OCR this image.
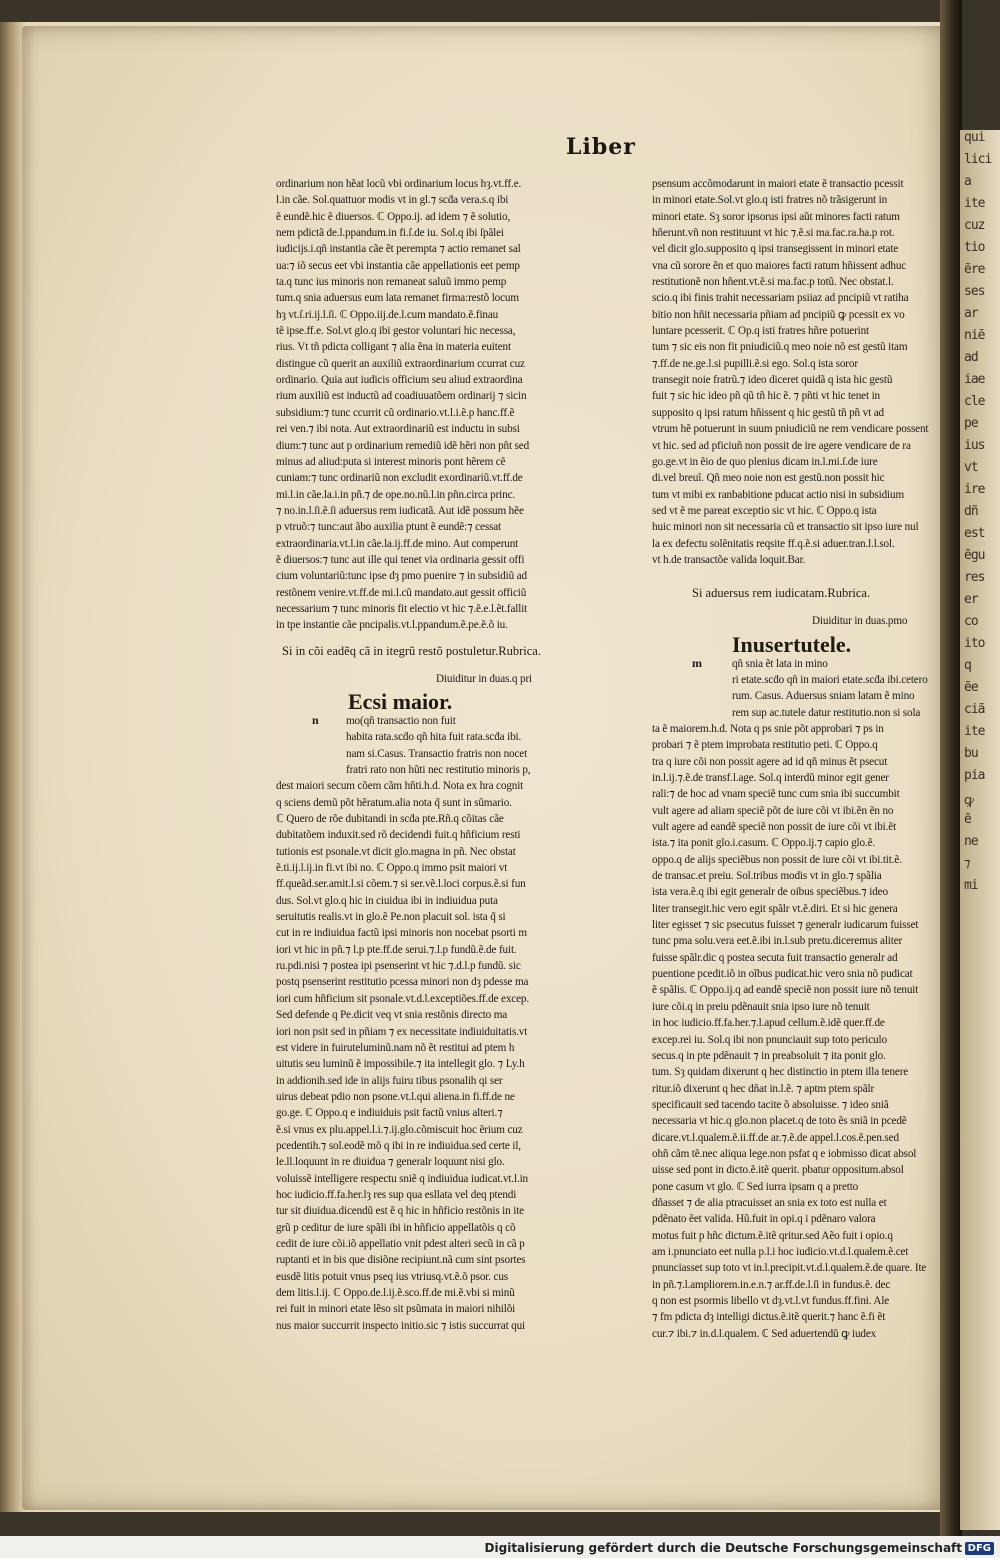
qui
lici
a
ite
cuz
tio
ẽre
ses
ar
niẽ
ad
iae
cle
pe
ius
vt
ire
dñ
est
ẽgu
res
er
co
ito
q
ẽe
ciã
ite
bu
pia
ꝙ
ẽ
ne
⁊
mi
Liber
ordinarium non hẽat locũ vbi ordinarium locus hȝ.vt.ff.e.
l.in cãe. Sol.quattuor modis vt in gl.⁊ scḋa vera.s.q ibi
ẽ eundẽ.hic ẽ diuersos. ℂ Oppo.ij. ad idem ⁊ ẽ solutio,
nem pdictã de.l.ppandum.in fi.ſ.de iu. Sol.q ibi ſpãlei
iudicijs.i.qñ instantia cãe ẽt perempta ⁊ actio remanet sal
ua:⁊ iõ secus eet vbi instantia cãe appellationis eet pemp
ta.q tunc ius minoris non remaneat saluũ immo pemp
tum.q snia aduersus eum lata remanet firma:restõ locum
hȝ vt.ſ.ri.ij.l.ſi. ℂ Oppo.iij.de.l.cum mandato.ẽ.finau
tẽ ipse.ff.e. Sol.vt glo.q ibi gestor voluntari hic necessa,
rius. Vt tñ pdicta colligant ⁊ alia ẽna in materia euitent
distingue cũ querit an auxiliũ extraordinarium ccurrat cuz
ordinario. Quia aut iudicis officium seu aliud extraordina
rium auxiliũ est inductũ ad coadiuuatõem ordinarij ⁊ sicin
subsidium:⁊ tunc ccurrit cũ ordinario.vt.l.i.ẽ.p hanc.ff.ẽ
rei ven.⁊ ibi nota. Aut extraordinariũ est inductu in subsi
dium:⁊ tunc aut p ordinarium remediũ idẽ hẽri non pñt sed
minus ad aliud:puta si interest minoris pont hẽrem cẽ
cuniam:⁊ tunc ordinariũ non excludit exordinariũ.vt.ff.de
mi.l.in cãe.la.i.in pñ.⁊ de ope.no.nũ.l.in pñn.circa princ.
⁊ no.in.l.ſi.ẽ.ſi aduersus rem iudicatã. Aut idẽ possum hẽe
p vtruõ:⁊ tunc:aut ãbo auxilia ptunt ẽ eundẽ:⁊ cessat
extraordinaria.vt.l.in cãe.la.ij.ff.de mino. Aut comperunt
ẽ diuersos:⁊ tunc aut ille qui tenet via ordinaria gessit offi
cium voluntariũ:tunc ipse dȝ pmo puenire ⁊ in subsidiũ ad
restõnem venire.vt.ff.de mi.l.cũ mandato.aut gessit officiũ
necessarium ⁊ tunc minoris fit electio vt hic ⁊.ẽ.e.l.ẽt.fallit
in tpe instantie cãe pncipalis.vt.l.ppandum.ẽ.pe.ẽ.õ iu.
Si in cõi eadẽq cã in itegrũ restõ postuletur.Rubrica.
Diuiditur in duas.q pri
Ecsi maior.
n	mo(qñ transactio non fuit
habita rata.scḋo qñ hita fuit rata.scḋa ibi.
nam si.Casus. Transactio fratris non nocet
fratri rato non hũti nec restitutio minoris p,
dest maiori secum cõem cãm hñti.h.d. Nota ex hra cognit
q sciens demũ põt hẽratum.alia nota q̃ sunt in sũmario.
ℂ Quero de rõe dubitandi in scḋa pte.Rñ.q cõitas cãe
dubitatõem induxit.sed rõ decidendi fuit.q hñficium resti
tutionis est psonale.vt dicit glo.magna in pñ. Nec obstat
ẽ.ti.ij.l.ij.in fi.vt ibi no. ℂ Oppo.q immo psit maiori vt
ff.queãd.ser.amit.l.si cõem.⁊ si ser.vẽ.l.loci corpus.ẽ.si fun
dus. Sol.vt glo.q hic in ciuidua ibi in indiuidua puta
seruitutis realis.vt in glo.ẽ Pe.non placuit sol. ista q̃ si
cut in re indiuidua factũ ipsi minoris non nocebat psorti m
iori vt hic in pñ.⁊ l.p pte.ff.de serui.⁊.l.p fundũ.ẽ.de fuit.
ru.pdi.nisi ⁊ postea ipi psenserint vt hic ⁊.d.l.p fundũ. sic
postq psenserint restitutio pcessa minori non dȝ pdesse ma
iori cum hñficium sit psonale.vt.d.l.exceptiões.ff.de excep.
Sed defende q Pe.dicit veq vt snia restõnis directo ma
iori non psit sed in pñiam ⁊ ex necessitate indiuiduitatis.vt
est videre in fuiruteluminũ.nam nõ ẽt restitui ad ptem h
uitutis seu luminũ ẽ impossibile.⁊ ita intellegit glo. ⁊ Ly.h
in addionih.sed ide in alijs fuiru tibus psonalih qi ser
uirus debeat pdio non psone.vt.l.qui aliena.in fi.ff.de ne
go.ge. ℂ Oppo.q e indiuiduis psit factũ vnius alteri.⁊
ẽ.si vnus ex plu.appel.l.i.⁊.ij.glo.cõmiscuit hoc ẽrium cuz
pcedentih.⁊ sol.eodẽ mõ q ibi in re indiuidua.sed certe il,
le.ll.loquunt in re diuidua ⁊ generalr loquunt nisi glo.
voluissẽ intelligere respectu sniẽ q indiuidua iudicat.vt.l.in
hoc iudicio.ff.fa.her.lȝ res sup qua esllata vel deq ptendi
tur sit diuidua.dicendũ est ẽ q hic in hñficio restõnis in ite
grũ p ceditur de iure spãli ibi in hñficio appellatõis q cõ
cedit de iure cõi.iõ appellatio vnit pdest alteri secũ in cã p
ruptanti et in bis que disiõne recipiunt.nã cum sint psortes
eusdẽ litis potuit vnus pseq ius vtriusq.vt.ẽ.õ psor. cus
dem litis.l.ij. ℂ Oppo.de.l.ij.ẽ.sco.ff.de mi.ẽ.vbi si minũ
rei fuit in minori etate lẽso sit psũmata in maiori nihilõi
nus maior succurrit inspecto initio.sic ⁊ istis succurrat qui
psensum accõmodarunt in maiori etate ẽ transactio pcessit
in minori etate.Sol.vt glo.q isti fratres nõ trãsigerunt in
minori etate. Sȝ soror ipsorus ipsi aũt minores facti ratum
hñerunt.vñ non restituunt vt hic ⁊.ẽ.si ma.fac.ra.ha.p rot.
vel dicit glo.supposito q ipsi transegissent in minori etate
vna cũ sorore ẽn et quo maiores facti ratum hñissent adhuc
restitutionẽ non hñent.vt.ẽ.si ma.fac.p totũ. Nec obstat.l.
scio.q ibi finis trahit necessariam psiiaz ad pncipiũ vt ratiha
bitio non hñit necessaria pñiam ad pncipiũ ꝙ pcessit ex vo
luntare pcesserit. ℂ Op.q isti fratres hñre potuerint
tum ⁊ sic eis non fit pniudiciũ.q meo noie nõ est gestũ itam
⁊.ff.de ne.ge.l.si pupilli.ẽ.si ego. Sol.q ista soror
transegit noie fratrũ.⁊ ideo diceret quidã q ista hic gestũ
fuit ⁊ sic hic ideo pñ qũ tñ hic ẽ. ⁊ pñti vt hic tenet in
supposito q ipsi ratum hñissent q hic gestũ tñ pñ vt ad
vtrum hẽ potuerunt in suum pniudiciũ ne rem vendicare possent
vt hic. sed ad pficiuñ non possit de ire agere vendicare de ra
go.ge.vt in ẽio de quo plenius dicam in.l.mi.ſ.de iure
di.vel breuĩ. Qñ meo noie non est gestũ.non possit hic
tum vt mibi ex ranbabitione pducat actio nisi in subsidium
sed vt ẽ me pareat exceptio sic vt hic. ℂ Oppo.q ista
huic minori non sit necessaria cũ et transactio sit ipso iure nul
la ex defectu solẽnitatis reqsite ff.q.ẽ.si aduer.tran.l.l.sol.
vt h.de transactõe valida loquit.Bar.
Si aduersus rem iudicatam.Rubrica.
Diuiditur in duas.pmo
Inusertutele.
m	qñ snia ẽt lata in mino
ri etate.scḋo qñ in maiori etate.scḋa ibi.cetero
rum. Casus. Aduersus sniam latam ẽ mino
rem sup ac.tutele datur restitutio.non si sola
ta ẽ maiorem.h.d. Nota q ps snie põt approbari ⁊ ps in
probari ⁊ ẽ ptem improbata restitutio peti. ℂ Oppo.q
tra q iure cõi non possit agere ad id qñ minus ẽt psecut
in.l.ij.⁊.ẽ.de transf.l.age. Sol.q interdũ minor egit gener
rali:⁊ de hoc ad vnam speciẽ tunc cum snia ibi succumbit
vult agere ad aliam speciẽ põt de iure cõi vt ibi.ẽn ẽn no
vult agere ad eandẽ speciẽ non possit de iure cõi vt ibi.ẽt
ista.⁊ ita ponit glo.i.casum. ℂ Oppo.ij.⁊ capio glo.ẽ.
oppo.q de alijs speciẽbus non possit de iure cõi vt ibi.tit.ẽ.
de transac.et preiu. Sol.tribus modis vt in glo.⁊ spãlia
ista vera.ẽ.q ibi egit generalr de oibus speciẽbus.⁊ ideo
liter transegit.hic vero egit spãlr vt.ẽ.diri. Et si hic genera
liter egisset ⁊ sic psecutus fuisset ⁊ generalr iudicarum fuisset
tunc pma solu.vera eet.ẽ.ibi in.l.sub pretu.diceremus aliter
fuisse spãlr.dic q postea secuta fuit transactio generalr ad
puentione pcedit.iõ in oĩbus pudicat.hic vero snia nõ pudicat
ẽ spãlis. ℂ Oppo.ij.q ad eandẽ speciẽ non possit iure nõ tenuit
iure cõi.q in preiu pdẽnauit snia ipso iure nõ tenuit
in hoc iudicio.ff.fa.her.⁊.l.apud cellum.ẽ.idẽ quer.ff.de
excep.rei iu. Sol.q ibi non pnunciauit sup toto periculo
secus.q in pte pdẽnauit ⁊ in preabsoluit ⁊ ita ponit glo.
tum. Sȝ quidam dixerunt q hec distinctio in ptem illa tenere
ritur.iõ dixerunt q hec dñat in.l.ẽ. ⁊ aptm ptem spãlr
specificauit sed tacendo tacite õ absoluisse. ⁊ ideo sniã
necessaria vt hic.q glo.non placet.q de toto ẽs sniã in pcedẽ
dicare.vt.l.qualem.ẽ.ii.ff.de ar.⁊.ẽ.de appel.l.cos.ẽ.pen.sed
ohñ cãm tẽ.nec aliqua lege.non psfat q e iobmisso dicat absol
uisse sed pont in dicto.ẽ.itẽ querit. pbatur oppositum.absol
pone casum vt glo. ℂ Sed iurra ipsam q a pretto
dñasset ⁊ de alia ptracuisset an snia ex toto est nulla et
pdẽnato ẽet valida. Hũ.fuit in opi.q i pdẽnaro valora
motus fuit p hñc dictum.ẽ.itẽ qritur.sed Aẽo fuit i opio.q
am i.pnunciato eet nulla p.l.i hoc iudicio.vt.d.l.qualem.ẽ.cet
pnunciasset sup toto vt in.l.precipit.vt.d.l.qualem.ẽ.de quare. Ite
in pñ.⁊.l.ampliorem.in.e.n.⁊ ar.ff.de.l.ſi in fundus.ẽ. dec
q non est psormis libello vt dȝ.vt.l.vt fundus.ff.fini. Ale
⁊ fm pdicta dȝ intelligi dictus.ẽ.itẽ querit.⁊ hanc ẽ.fi ẽt
cur.⁊ ibi.⁊ in.d.l.qualem. ℂ Sed aduertendũ ꝙ iudex
Digitalisierung gefördert durch die Deutsche Forschungsgemeinschaft DFG
